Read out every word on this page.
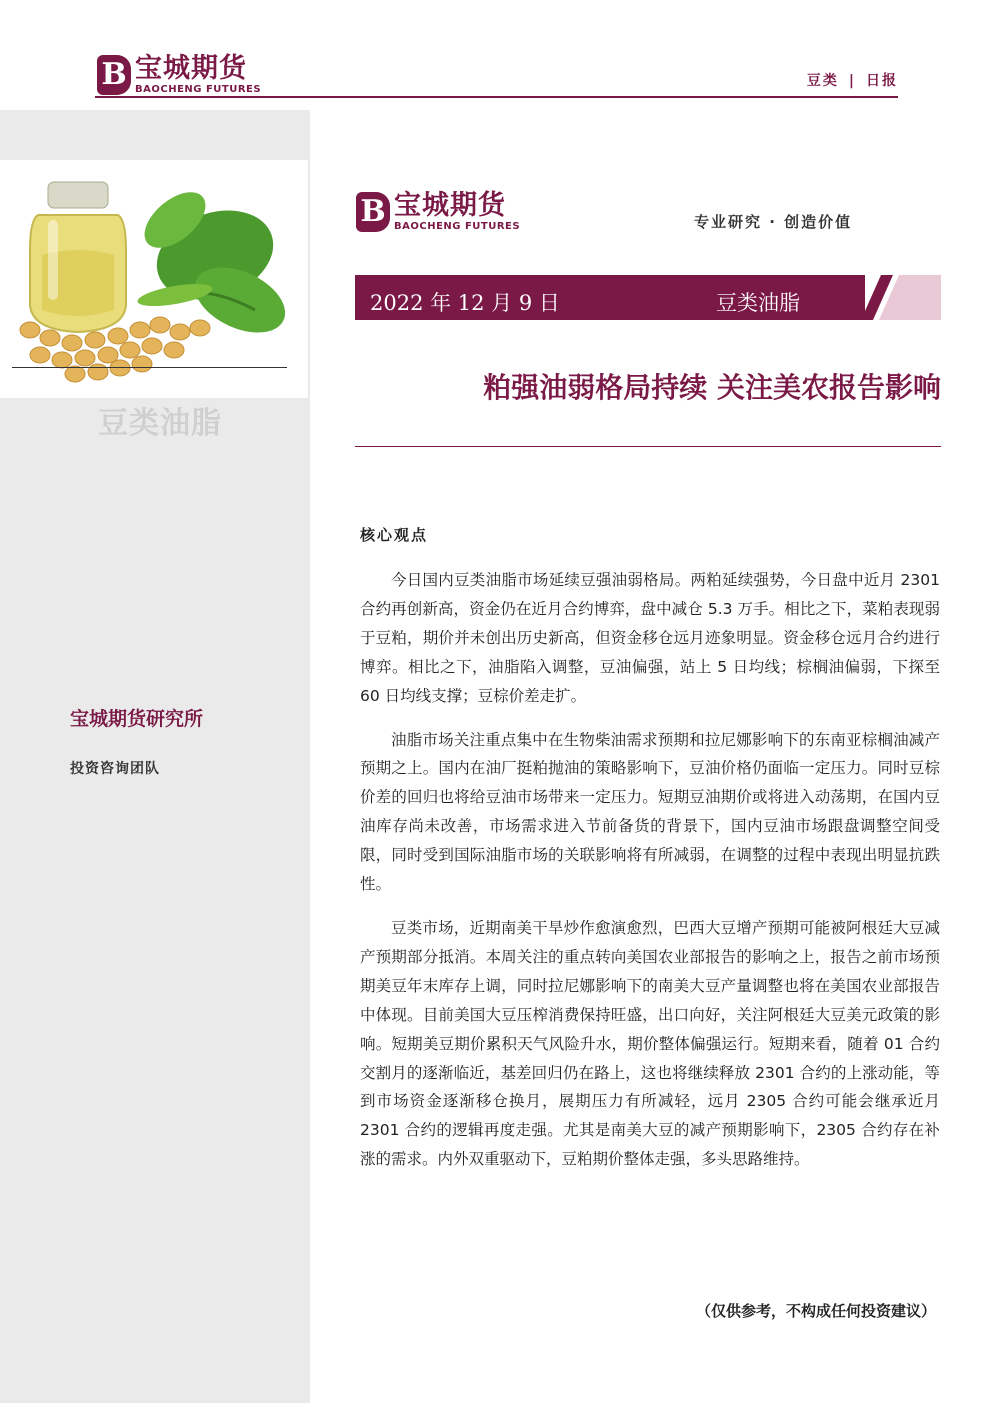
B 宝城期货
BAOCHENG FUTURES
豆类 | 日报
豆类油脂
宝城期货研究所
投资咨询团队
B 宝城期货
BAOCHENG FUTURES	专业研究 · 创造价值
2022 年 12 月 9 日	豆类油脂
粕强油弱格局持续 关注美农报告影响
核心观点

今日国内豆类油脂市场延续豆强油弱格局。两粕延续强势，今日盘中近月 2301 合约再创新高，资金仍在近月合约博弈，盘中减仓 5.3 万手。相比之下，菜粕表现弱于豆粕，期价并未创出历史新高，但资金移仓远月迹象明显。资金移仓远月合约进行博弈。相比之下，油脂陷入调整，豆油偏强，站上 5 日均线；棕榈油偏弱，下探至 60 日均线支撑；豆棕价差走扩。

油脂市场关注重点集中在生物柴油需求预期和拉尼娜影响下的东南亚棕榈油减产预期之上。国内在油厂挺粕抛油的策略影响下，豆油价格仍面临一定压力。同时豆棕价差的回归也将给豆油市场带来一定压力。短期豆油期价或将进入动荡期，在国内豆油库存尚未改善，市场需求进入节前备货的背景下，国内豆油市场跟盘调整空间受限，同时受到国际油脂市场的关联影响将有所减弱，在调整的过程中表现出明显抗跌性。

豆类市场，近期南美干旱炒作愈演愈烈，巴西大豆增产预期可能被阿根廷大豆减产预期部分抵消。本周关注的重点转向美国农业部报告的影响之上，报告之前市场预期美豆年末库存上调，同时拉尼娜影响下的南美大豆产量调整也将在美国农业部报告中体现。目前美国大豆压榨消费保持旺盛，出口向好，关注阿根廷大豆美元政策的影响。短期美豆期价累积天气风险升水，期价整体偏强运行。短期来看，随着 01 合约交割月的逐渐临近，基差回归仍在路上，这也将继续释放 2301 合约的上涨动能，等到市场资金逐渐移仓换月，展期压力有所减轻，远月 2305 合约可能会继承近月 2301 合约的逻辑再度走强。尤其是南美大豆的减产预期影响下，2305 合约存在补涨的需求。内外双重驱动下，豆粕期价整体走强，多头思路维持。

（仅供参考，不构成任何投资建议）
